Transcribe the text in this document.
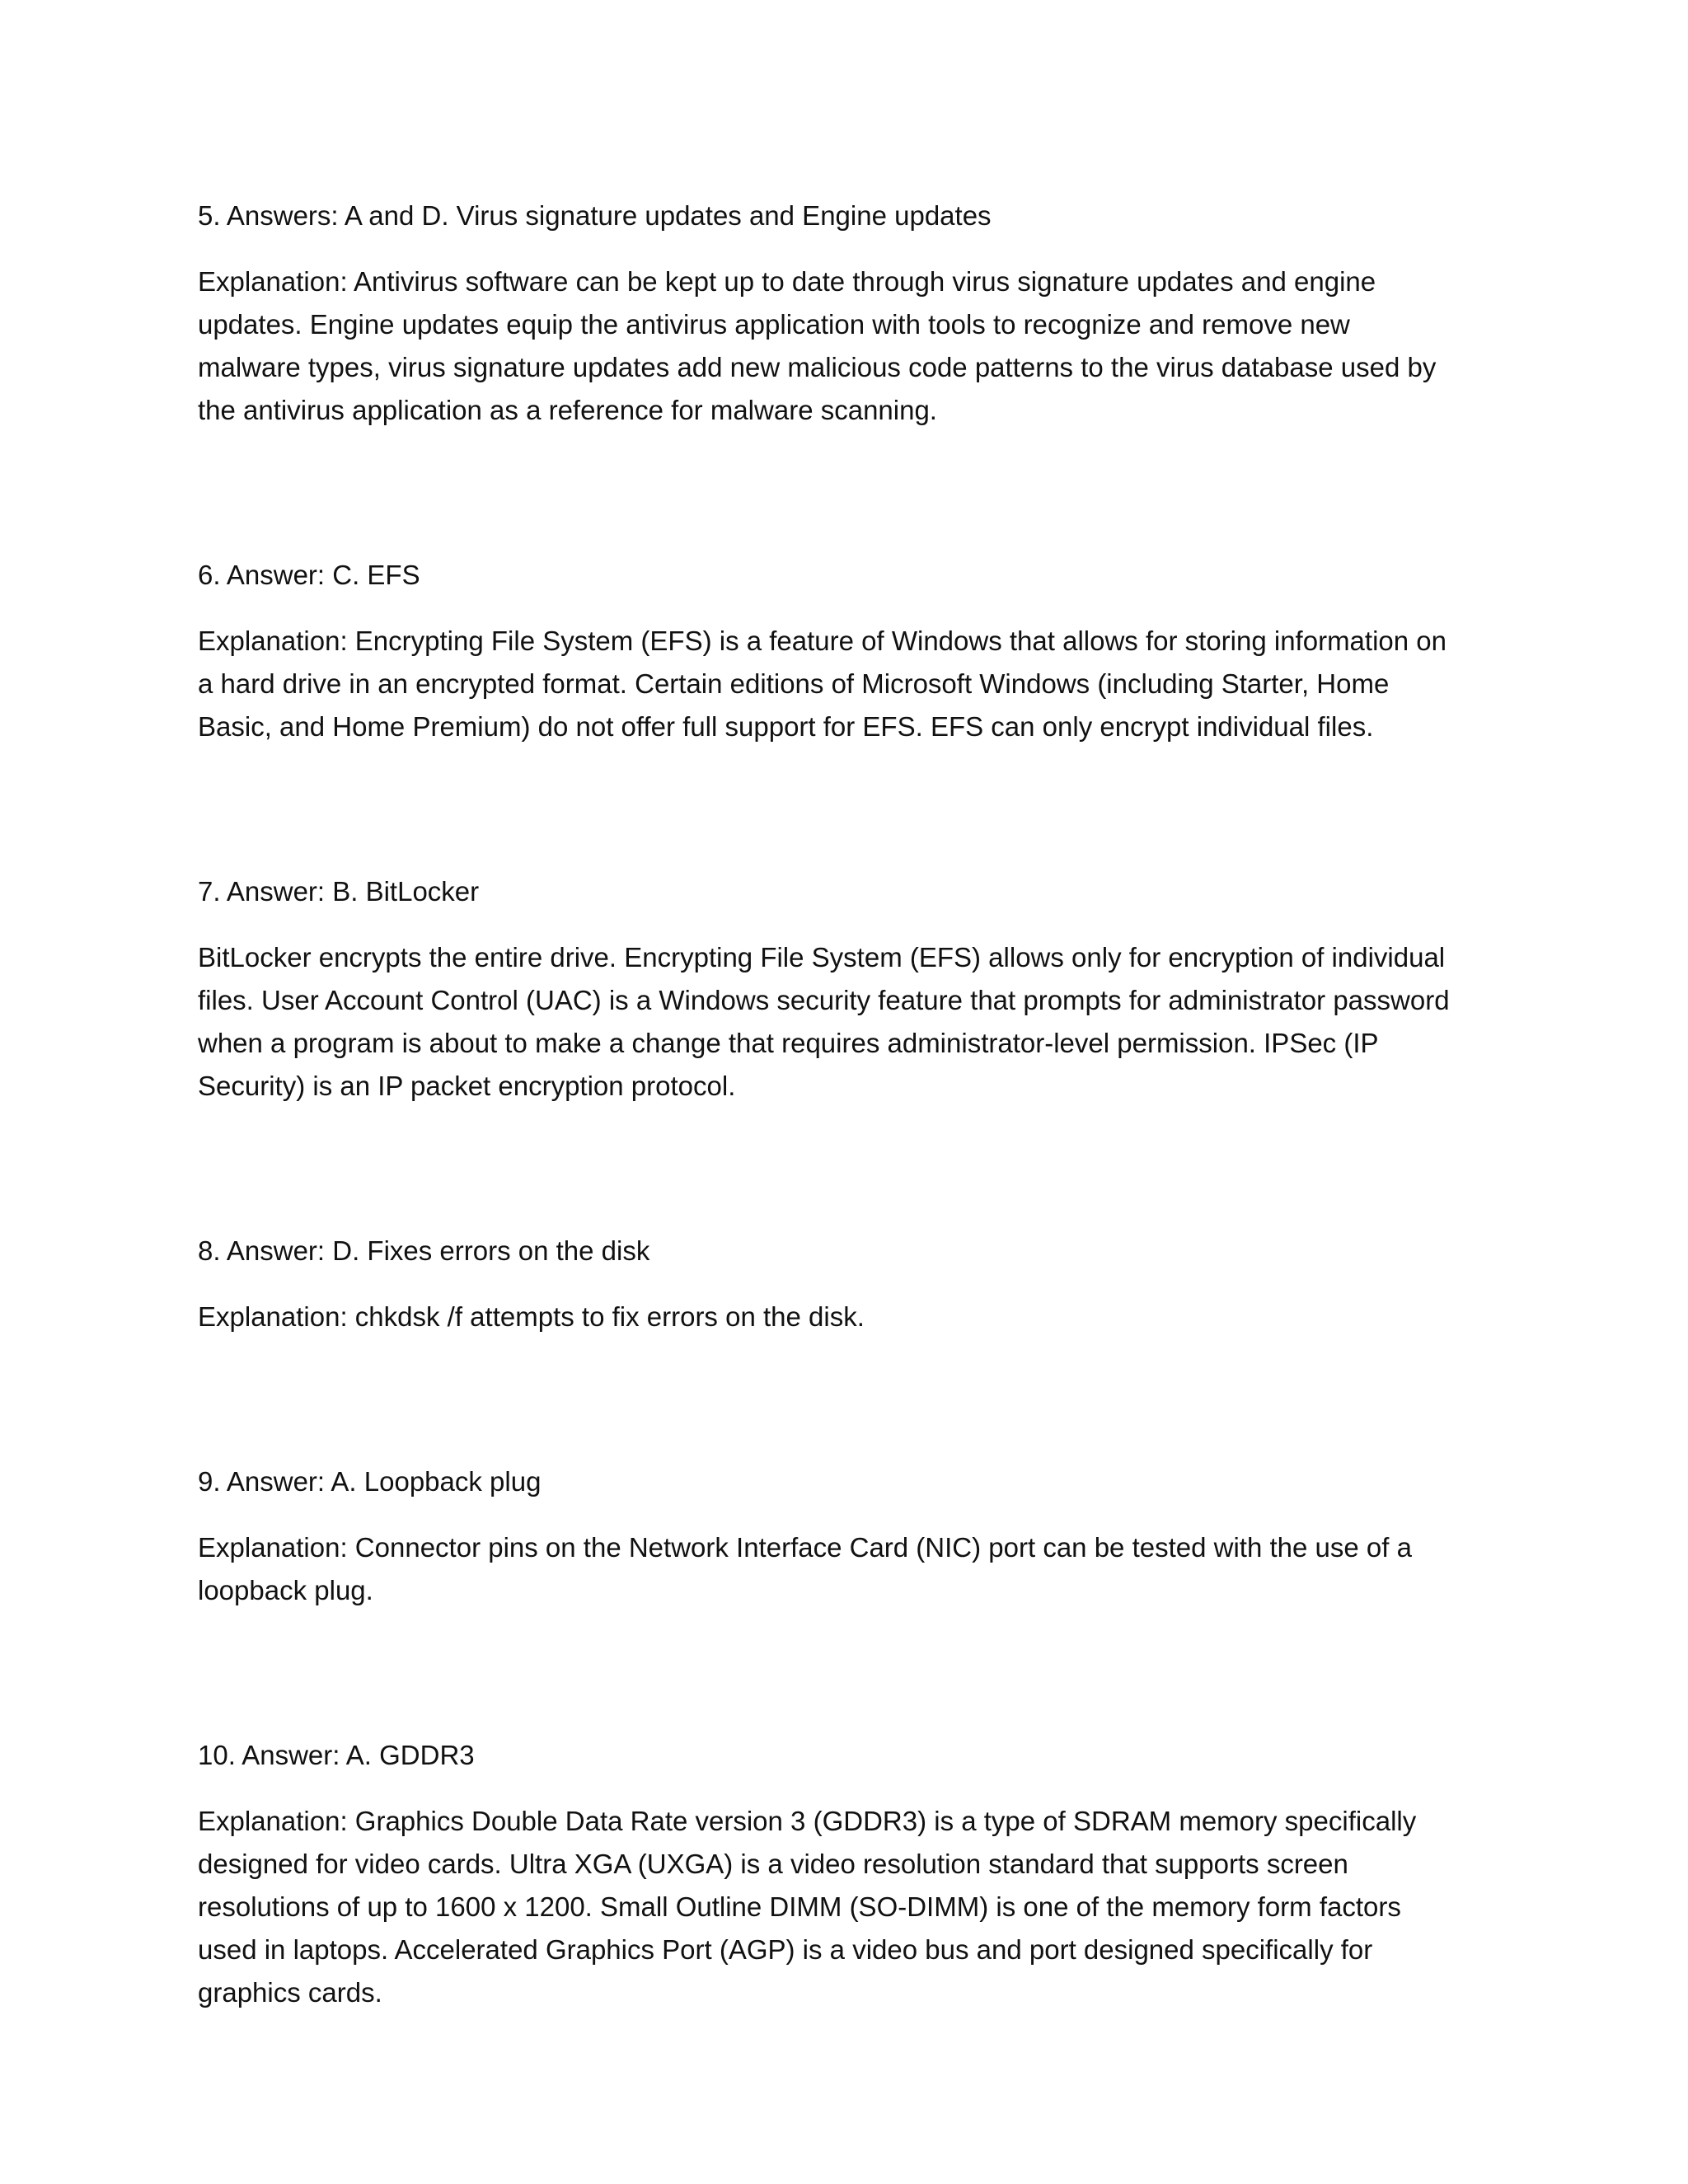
5. Answers: A and D. Virus signature updates and Engine updates

Explanation: Antivirus software can be kept up to date through virus signature updates and engine
updates. Engine updates equip the antivirus application with tools to recognize and remove new
malware types, virus signature updates add new malicious code patterns to the virus database used by
the antivirus application as a reference for malware scanning.

6. Answer: C. EFS

Explanation: Encrypting File System (EFS) is a feature of Windows that allows for storing information on
a hard drive in an encrypted format. Certain editions of Microsoft Windows (including Starter, Home
Basic, and Home Premium) do not offer full support for EFS. EFS can only encrypt individual files.

7. Answer: B. BitLocker

BitLocker encrypts the entire drive. Encrypting File System (EFS) allows only for encryption of individual
files. User Account Control (UAC) is a Windows security feature that prompts for administrator password
when a program is about to make a change that requires administrator-level permission. IPSec (IP
Security) is an IP packet encryption protocol.

8. Answer: D. Fixes errors on the disk

Explanation: chkdsk /f attempts to fix errors on the disk.

9. Answer: A. Loopback plug

Explanation: Connector pins on the Network Interface Card (NIC) port can be tested with the use of a
loopback plug.

10. Answer: A. GDDR3

Explanation: Graphics Double Data Rate version 3 (GDDR3) is a type of SDRAM memory specifically
designed for video cards. Ultra XGA (UXGA) is a video resolution standard that supports screen
resolutions of up to 1600 x 1200. Small Outline DIMM (SO-DIMM) is one of the memory form factors
used in laptops. Accelerated Graphics Port (AGP) is a video bus and port designed specifically for
graphics cards.
